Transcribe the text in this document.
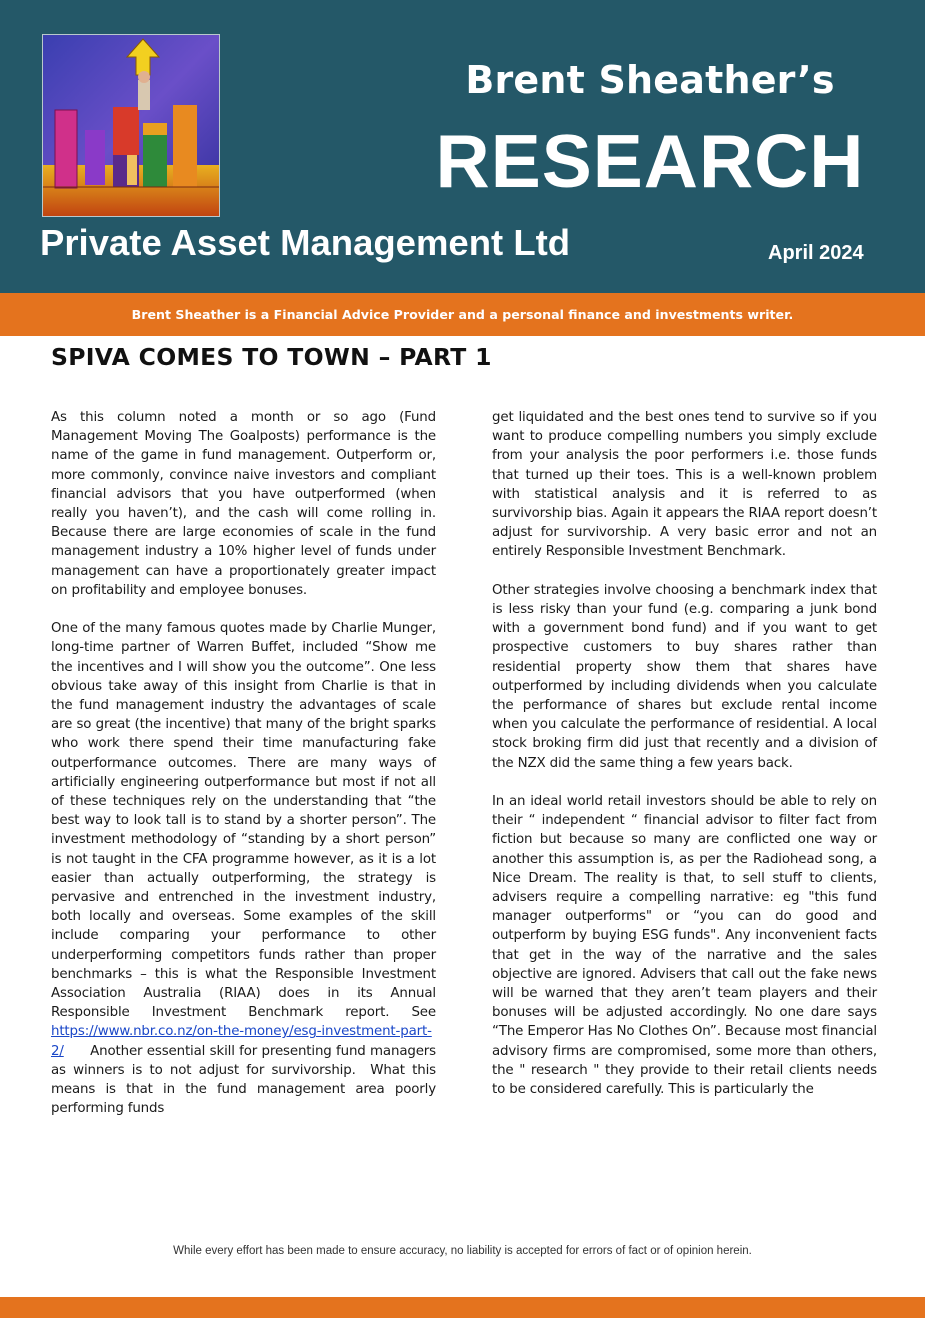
Brent Sheather’s
RESEARCH
Private Asset Management Ltd	April 2024
Brent Sheather is a Financial Advice Provider and a personal finance and investments writer.
SPIVA COMES TO TOWN – PART 1

As this column noted a month or so ago (Fund Management Moving The Goalposts) performance is the name of the game in fund management. Outperform or, more commonly, convince naive investors and compliant financial advisors that you have outperformed (when really you haven’t), and the cash will come rolling in. Because there are large economies of scale in the fund management industry a 10% higher level of funds under management can have a proportionately greater impact on profitability and employee bonuses.

One of the many famous quotes made by Charlie Munger, long-time partner of Warren Buffet, included “Show me the incentives and I will show you the outcome”. One less obvious take away of this insight from Charlie is that in the fund management industry the advantages of scale are so great (the incentive) that many of the bright sparks who work there spend their time manufacturing fake outperformance outcomes. There are many ways of artificially engineering outperformance but most if not all of these techniques rely on the understanding that “the best way to look tall is to stand by a shorter person”. The investment methodology of “standing by a short person” is not taught in the CFA programme however, as it is a lot easier than actually outperforming, the strategy is pervasive and entrenched in the investment industry, both locally and overseas. Some examples of the skill include comparing your performance to other underperforming competitors funds rather than proper benchmarks – this is what the Responsible Investment Association Australia (RIAA) does in its Annual Responsible Investment Benchmark report. See https://www.nbr.co.nz/on-the-money/esg-investment-part-2/      Another essential skill for presenting fund managers as winners is to not adjust for survivorship.  What this means is that in the fund management area poorly performing funds

get liquidated and the best ones tend to survive so if you want to produce compelling numbers you simply exclude from your analysis the poor performers i.e. those funds that turned up their toes. This is a well-known problem with statistical analysis and it is referred to as survivorship bias. Again it appears the RIAA report doesn’t adjust for survivorship. A very basic error and not an entirely Responsible Investment Benchmark.

Other strategies involve choosing a benchmark index that is less risky than your fund (e.g. comparing a junk bond with a government bond fund) and if you want to get prospective customers to buy shares rather than residential property show them that shares have outperformed by including dividends when you calculate the performance of shares but exclude rental income when you calculate the performance of residential. A local stock broking firm did just that recently and a division of the NZX did the same thing a few years back.

In an ideal world retail investors should be able to rely on their “ independent “ financial advisor to filter fact from fiction but because so many are conflicted one way or another this assumption is, as per the Radiohead song, a Nice Dream. The reality is that, to sell stuff to clients, advisers require a compelling narrative: eg "this fund manager outperforms" or “you can do good and outperform by buying ESG funds". Any inconvenient facts that get in the way of the narrative and the sales objective are ignored. Advisers that call out the fake news will be warned that they aren’t team players and their bonuses will be adjusted accordingly. No one dare says “The Emperor Has No Clothes On”. Because most financial advisory firms are compromised, some more than others, the " research " they provide to their retail clients needs to be considered carefully. This is particularly the

While every effort has been made to ensure accuracy, no liability is accepted for errors of fact or of opinion herein.
